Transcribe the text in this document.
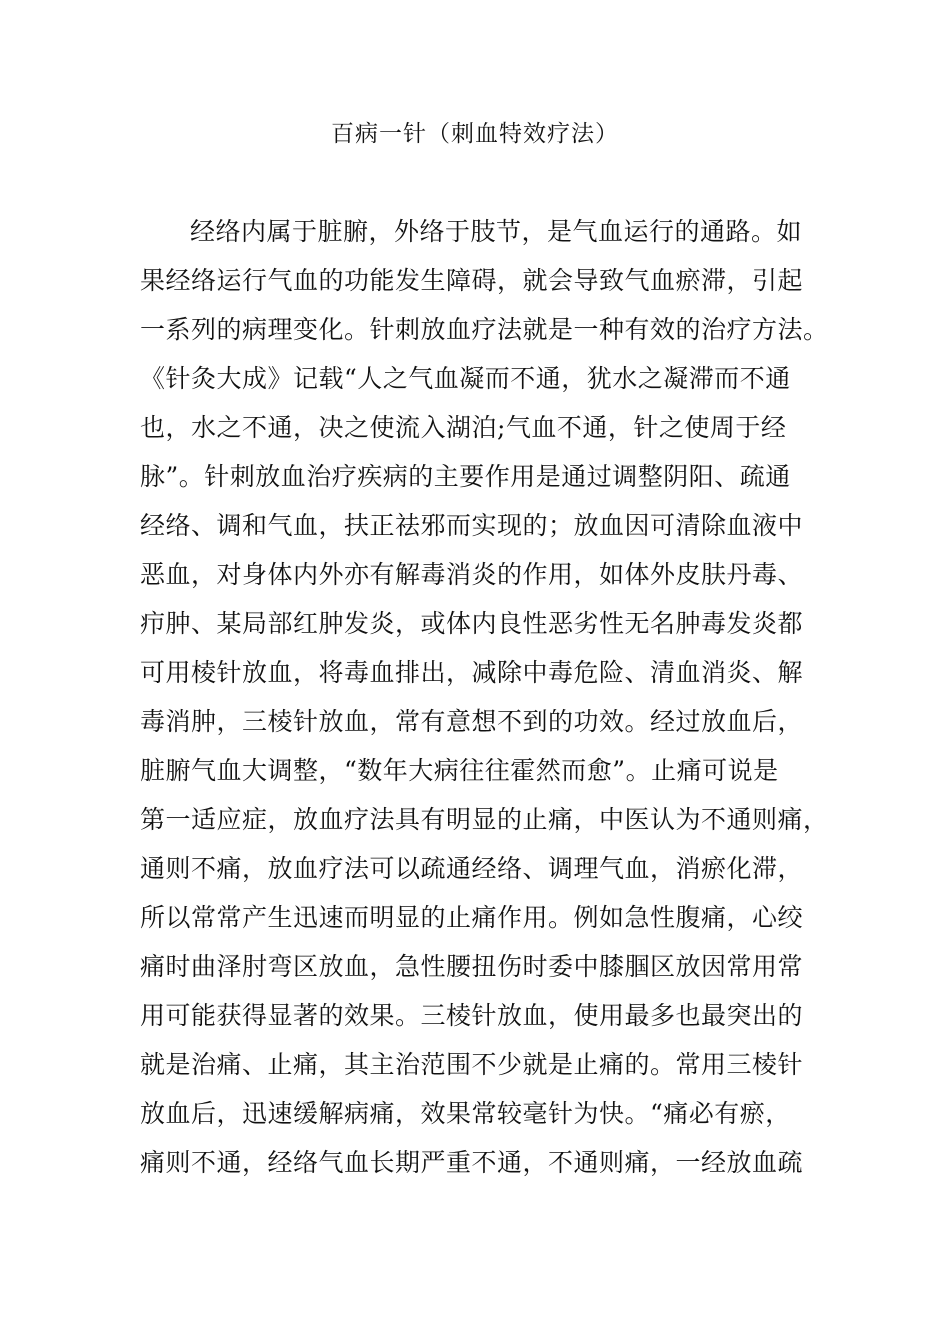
百病一针（刺血特效疗法）
经络内属于脏腑，外络于肢节，是气血运行的通路。如
果经络运行气血的功能发生障碍，就会导致气血瘀滞，引起
一系列的病理变化。针刺放血疗法就是一种有效的治疗方法。
《针灸大成》记载“人之气血凝而不通，犹水之凝滞而不通
也，水之不通，决之使流入湖泊;气血不通，针之使周于经
脉”。针刺放血治疗疾病的主要作用是通过调整阴阳、疏通
经络、调和气血，扶正祛邪而实现的；放血因可清除血液中
恶血，对身体内外亦有解毒消炎的作用，如体外皮肤丹毒、
疖肿、某局部红肿发炎，或体内良性恶劣性无名肿毒发炎都
可用棱针放血，将毒血排出，减除中毒危险、清血消炎、解
毒消肿，三棱针放血，常有意想不到的功效。经过放血后，
脏腑气血大调整，“数年大病往往霍然而愈”。止痛可说是
第一适应症，放血疗法具有明显的止痛，中医认为不通则痛，
通则不痛，放血疗法可以疏通经络、调理气血，消瘀化滞，
所以常常产生迅速而明显的止痛作用。例如急性腹痛，心绞
痛时曲泽肘弯区放血，急性腰扭伤时委中膝腘区放因常用常
用可能获得显著的效果。三棱针放血，使用最多也最突出的
就是治痛、止痛，其主治范围不少就是止痛的。常用三棱针
放血后，迅速缓解病痛，效果常较毫针为快。“痛必有瘀，
痛则不通，经络气血长期严重不通，不通则痛，一经放血疏
